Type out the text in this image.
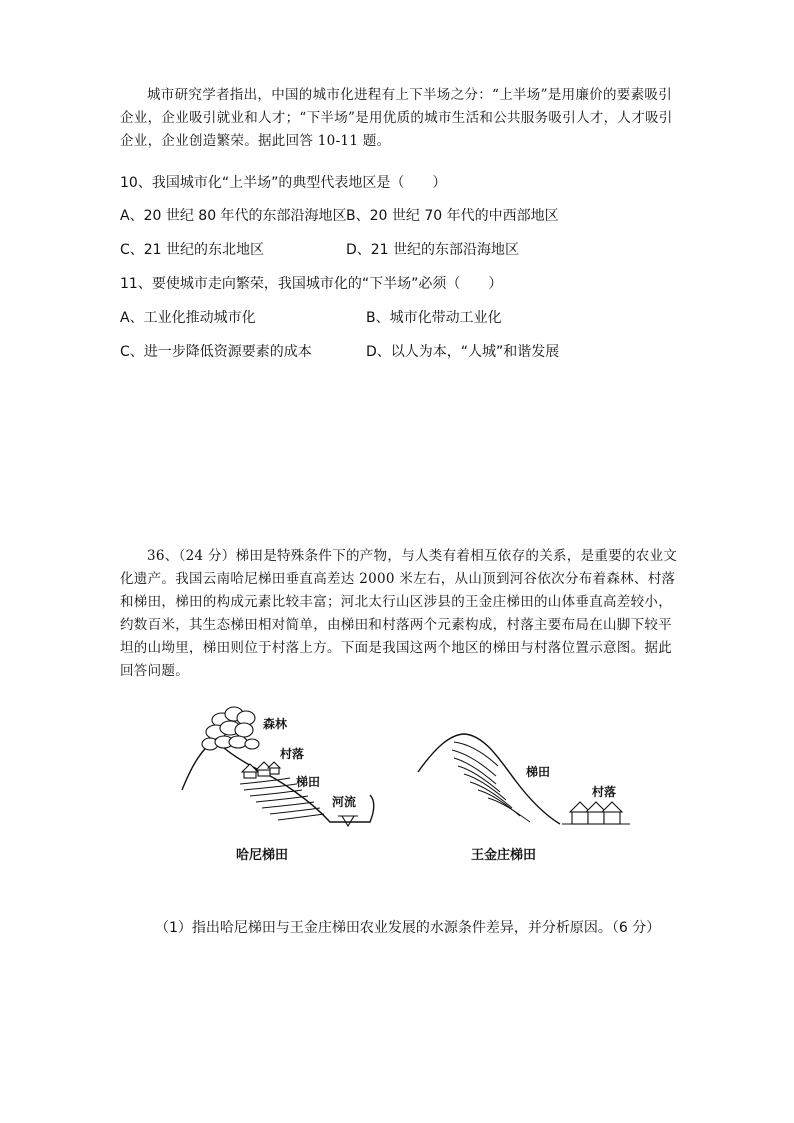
城市研究学者指出，中国的城市化进程有上下半场之分：“上半场”是用廉价的要素吸引企业，企业吸引就业和人才；“下半场”是用优质的城市生活和公共服务吸引人才，人才吸引企业，企业创造繁荣。据此回答 10-11 题。

10、我国城市化“上半场”的典型代表地区是（　　）
A、20 世纪 80 年代的东部沿海地区 B、20 世纪 70 年代的中西部地区
C、21 世纪的东北地区	D、21 世纪的东部沿海地区
11、要使城市走向繁荣，我国城市化的“下半场”必须（　　）
A、工业化推动城市化	B、城市化带动工业化
C、进一步降低资源要素的成本	D、以人为本，“人城”和谐发展

36、（24 分）梯田是特殊条件下的产物，与人类有着相互依存的关系，是重要的农业文化遗产。我国云南哈尼梯田垂直高差达 2000 米左右，从山顶到河谷依次分布着森林、村落和梯田，梯田的构成元素比较丰富；河北太行山区涉县的王金庄梯田的山体垂直高差较小，约数百米，其生态梯田相对简单，由梯田和村落两个元素构成，村落主要布局在山脚下较平坦的山坳里，梯田则位于村落上方。下面是我国这两个地区的梯田与村落位置示意图。据此回答问题。

森林
村落
梯田
河流
哈尼梯田
梯田
村落
王金庄梯田
（1）指出哈尼梯田与王金庄梯田农业发展的水源条件差异，并分析原因。（6 分）
